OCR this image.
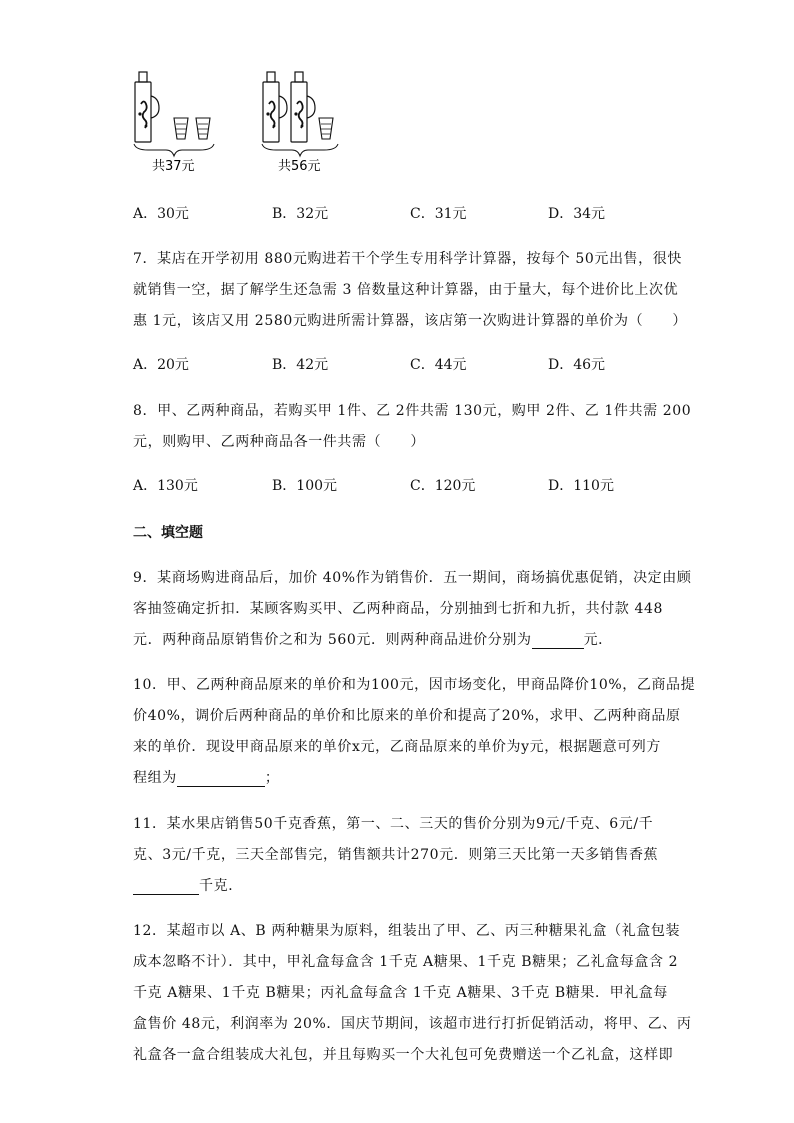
共37元	共56元
A．30元	B．32元	C．31元	D．34元
7．某店在开学初用 880元购进若干个学生专用科学计算器，按每个 50元出售，很快
就销售一空，据了解学生还急需 3 倍数量这种计算器，由于量大，每个进价比上次优
惠 1元，该店又用 2580元购进所需计算器，该店第一次购进计算器的单价为（　　）
A．20元	B．42元	C．44元	D．46元
8．甲、乙两种商品，若购买甲 1件、乙 2件共需 130元，购甲 2件、乙 1件共需 200
元，则购甲、乙两种商品各一件共需（　　）
A．130元	B．100元	C．120元	D．110元
二、填空题
9．某商场购进商品后，加价 40%作为销售价．五一期间，商场搞优惠促销，决定由顾
客抽签确定折扣．某顾客购买甲、乙两种商品，分别抽到七折和九折，共付款 448
元．两种商品原销售价之和为 560元．则两种商品进价分别为	元．
10．甲、乙两种商品原来的单价和为100元，因市场变化，甲商品降价10%，乙商品提
价40%，调价后两种商品的单价和比原来的单价和提高了20%，求甲、乙两种商品原
来的单价．现设甲商品原来的单价x元，乙商品原来的单价为y元，根据题意可列方
程组为	；
11．某水果店销售50千克香蕉，第一、二、三天的售价分别为9元/千克、6元/千
克、3元/千克，三天全部售完，销售额共计270元．则第三天比第一天多销售香蕉
千克．
12．某超市以 A、B 两种糖果为原料，组装出了甲、乙、丙三种糖果礼盒（礼盒包装
成本忽略不计）．其中，甲礼盒每盒含 1千克 A糖果、1千克 B糖果；乙礼盒每盒含 2
千克 A糖果、1千克 B糖果；丙礼盒每盒含 1千克 A糖果、3千克 B糖果．甲礼盒每
盒售价 48元，利润率为 20%．国庆节期间，该超市进行打折促销活动，将甲、乙、丙
礼盒各一盒合组装成大礼包，并且每购买一个大礼包可免费赠送一个乙礼盒，这样即
